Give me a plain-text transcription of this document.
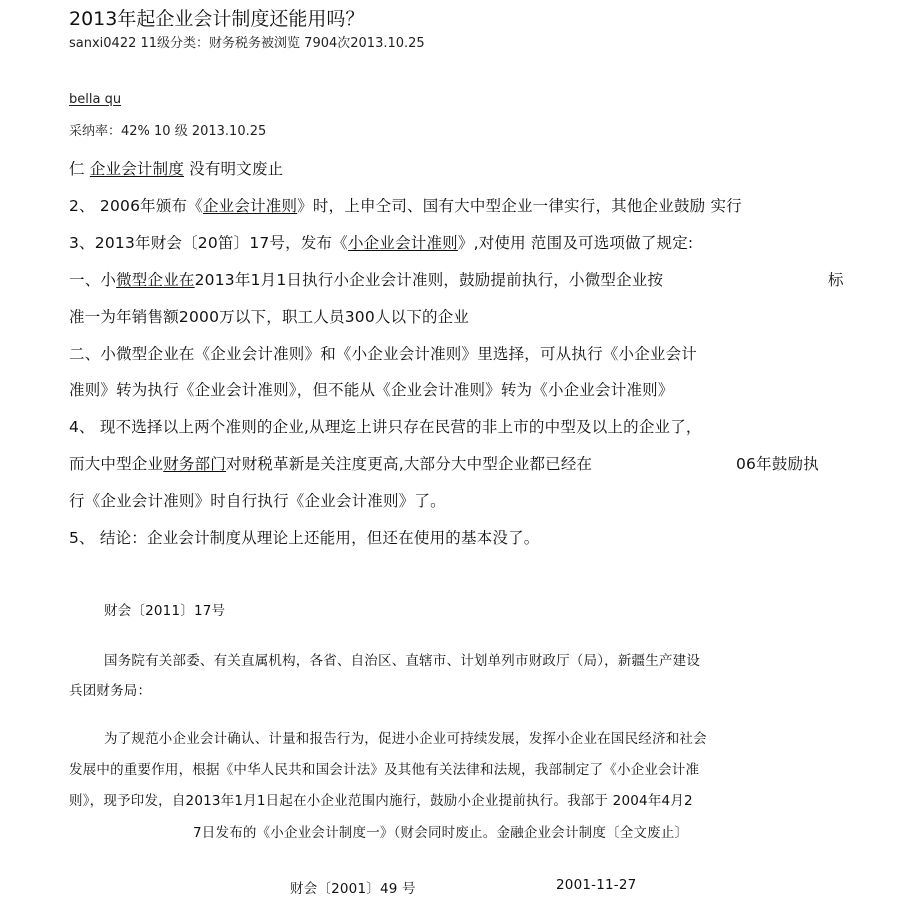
2013年起企业会计制度还能用吗？
sanxi0422 11级分类：财务税务被浏览 7904次2013.10.25
bella qu
采纳率：42% 10 级 2013.10.25
仁 企业会计制度 没有明文废止
2、 2006年颁布《企业会计准则》时，上申仝司、国有大中型企业一律实行，其他企业鼓励 实行
3、2013年财会〔20笛〕17号，发布《小企业会计准则》,对使用 范围及可选项做了规定:
一、小微型企业在2013年1月1日执行小企业会计准则，鼓励提前执行，小微型企业按	标
准一为年销售额2000万以下，职工人员300人以下的企业
二、小微型企业在《企业会计准则》和《小企业会计准则》里选择，可从执行《小企业会计
准则》转为执行《企业会计准则》，但不能从《企业会计准则》转为《小企业会计准则》
4、 现不选择以上两个准则的企业,从理迄上讲只存在民营的非上市的中型及以上的企业了，
而大中型企业财务部门对财税革新是关注度更高,大部分大中型企业都已经在	06年鼓励执
行《企业会计准则》时自行执行《企业会计准则》了。
5、 结论：企业会计制度从理论上还能用，但还在使用的基本没了。
财会〔2011〕17号
国务院有关部委、有关直属机构，各省、自治区、直辖市、计划单列市财政厅（局），新疆生产建设
兵团财务局：
为了规范小企业会计确认、计量和报告行为，促进小企业可持续发展，发挥小企业在国民经济和社会
发展中的重要作用，根据《中华人民共和国会计法》及其他有关法律和法规，我部制定了《小企业会计准
则》，现予印发，自2013年1月1日起在小企业范围内施行，鼓励小企业提前执行。我部于 2004年4月2
7日发布的《小企业会计制度一》（财会同时废止。金融企业会计制度〔全文废止〕
财会〔2001〕49 号	2001-11-27
